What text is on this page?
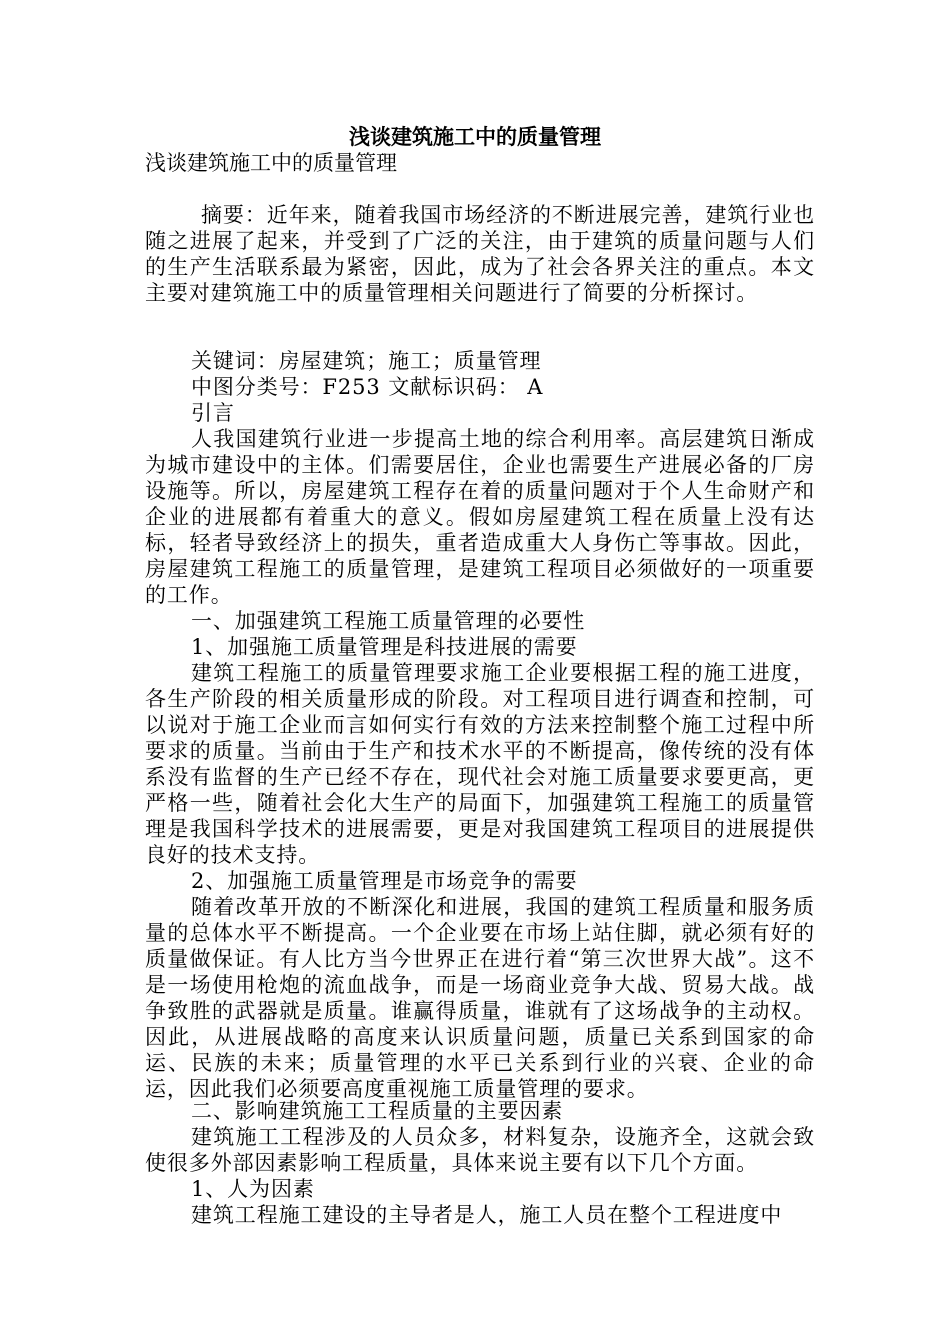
浅谈建筑施工中的质量管理
浅谈建筑施工中的质量管理

摘要：近年来，随着我国市场经济的不断进展完善，建筑行业也随之进展了起来，并受到了广泛的关注，由于建筑的质量问题与人们的生产生活联系最为紧密，因此，成为了社会各界关注的重点。本文主要对建筑施工中的质量管理相关问题进行了简要的分析探讨。

关键词：房屋建筑；施工；质量管理

中图分类号：F253 文献标识码： A

引言

人我国建筑行业进一步提高土地的综合利用率。高层建筑日渐成为城市建设中的主体。们需要居住，企业也需要生产进展必备的厂房设施等。所以，房屋建筑工程存在着的质量问题对于个人生命财产和企业的进展都有着重大的意义。假如房屋建筑工程在质量上没有达标，轻者导致经济上的损失，重者造成重大人身伤亡等事故。因此，房屋建筑工程施工的质量管理，是建筑工程项目必须做好的一项重要的工作。

一、加强建筑工程施工质量管理的必要性

1、加强施工质量管理是科技进展的需要

建筑工程施工的质量管理要求施工企业要根据工程的施工进度，各生产阶段的相关质量形成的阶段。对工程项目进行调查和控制，可以说对于施工企业而言如何实行有效的方法来控制整个施工过程中所要求的质量。当前由于生产和技术水平的不断提高，像传统的没有体系没有监督的生产已经不存在，现代社会对施工质量要求要更高，更严格一些，随着社会化大生产的局面下，加强建筑工程施工的质量管理是我国科学技术的进展需要，更是对我国建筑工程项目的进展提供良好的技术支持。

2、加强施工质量管理是市场竞争的需要

随着改革开放的不断深化和进展，我国的建筑工程质量和服务质量的总体水平不断提高。一个企业要在市场上站住脚，就必须有好的质量做保证。有人比方当今世界正在进行着“第三次世界大战”。这不是一场使用枪炮的流血战争，而是一场商业竞争大战、贸易大战。战争致胜的武器就是质量。谁赢得质量，谁就有了这场战争的主动权。因此，从进展战略的高度来认识质量问题，质量已关系到国家的命运、民族的未来；质量管理的水平已关系到行业的兴衰、企业的命运，因此我们必须要高度重视施工质量管理的要求。

二、影响建筑施工工程质量的主要因素

建筑施工工程涉及的人员众多，材料复杂，设施齐全，这就会致使很多外部因素影响工程质量，具体来说主要有以下几个方面。

1、人为因素

建筑工程施工建设的主导者是人，施工人员在整个工程进度中
